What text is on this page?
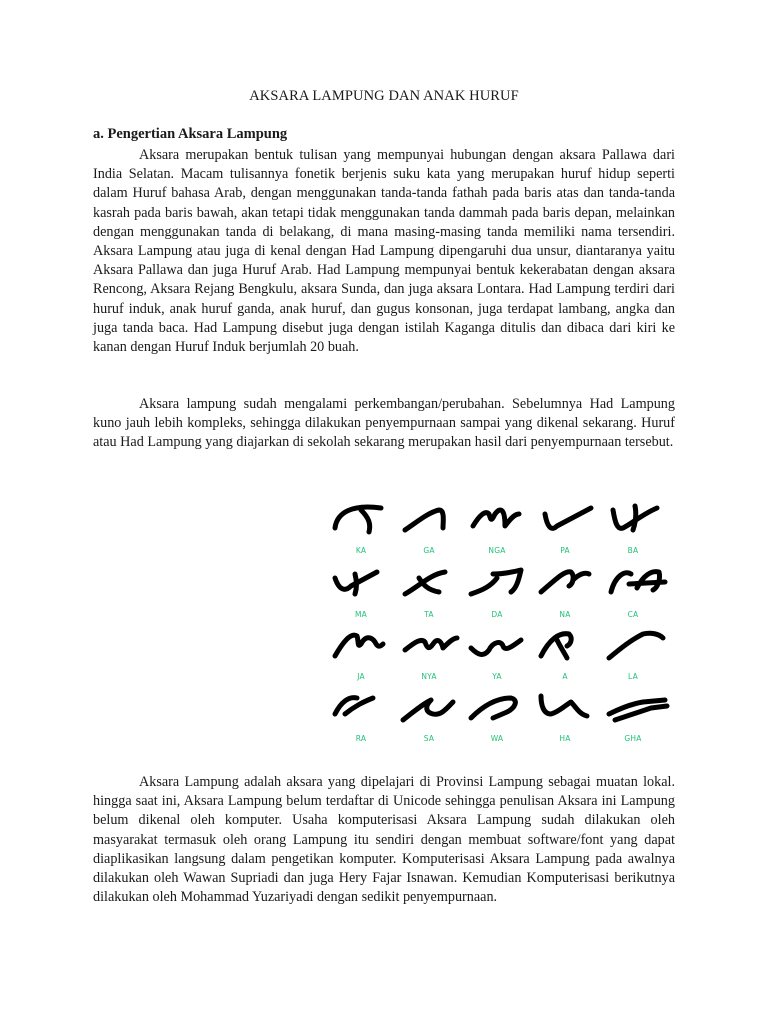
AKSARA LAMPUNG DAN ANAK HURUF
a. Pengertian Aksara Lampung

Aksara merupakan bentuk tulisan yang mempunyai hubungan dengan aksara Pallawa dari India Selatan. Macam tulisannya fonetik berjenis suku kata yang merupakan huruf hidup seperti dalam Huruf bahasa Arab, dengan menggunakan tanda-tanda fathah pada baris atas dan tanda-tanda kasrah pada baris bawah, akan tetapi tidak menggunakan tanda dammah pada baris depan, melainkan dengan menggunakan tanda di belakang, di mana masing-masing tanda memiliki nama tersendiri. Aksara Lampung atau juga di kenal dengan Had Lampung dipengaruhi dua unsur, diantaranya yaitu Aksara Pallawa dan juga Huruf Arab. Had Lampung mempunyai bentuk kekerabatan dengan aksara Rencong, Aksara Rejang Bengkulu, aksara Sunda, dan juga aksara Lontara. Had Lampung terdiri dari huruf induk, anak huruf ganda, anak huruf, dan gugus konsonan, juga terdapat lambang, angka dan juga tanda baca. Had Lampung disebut juga dengan istilah Kaganga ditulis dan dibaca dari kiri ke kanan dengan Huruf Induk berjumlah 20 buah.

Aksara lampung sudah mengalami perkembangan/perubahan. Sebelumnya Had Lampung kuno jauh lebih kompleks, sehingga dilakukan penyempurnaan sampai yang dikenal sekarang. Huruf atau Had Lampung yang diajarkan di sekolah sekarang merupakan hasil dari penyempurnaan tersebut.

KA	GA	NGA	PA	BA
MA	TA	DA	NA	CA
JA	NYA	YA	A	LA
RA	SA	WA	HA	GHA

Aksara Lampung adalah aksara yang dipelajari di Provinsi Lampung sebagai muatan lokal. hingga saat ini, Aksara Lampung belum terdaftar di Unicode sehingga penulisan Aksara ini Lampung belum dikenal oleh komputer. Usaha komputerisasi Aksara Lampung sudah dilakukan oleh masyarakat termasuk oleh orang Lampung itu sendiri dengan membuat software/font yang dapat diaplikasikan langsung dalam pengetikan komputer. Komputerisasi Aksara Lampung pada awalnya dilakukan oleh Wawan Supriadi dan juga Hery Fajar Isnawan. Kemudian Komputerisasi berikutnya dilakukan oleh Mohammad Yuzariyadi dengan sedikit penyempurnaan.
